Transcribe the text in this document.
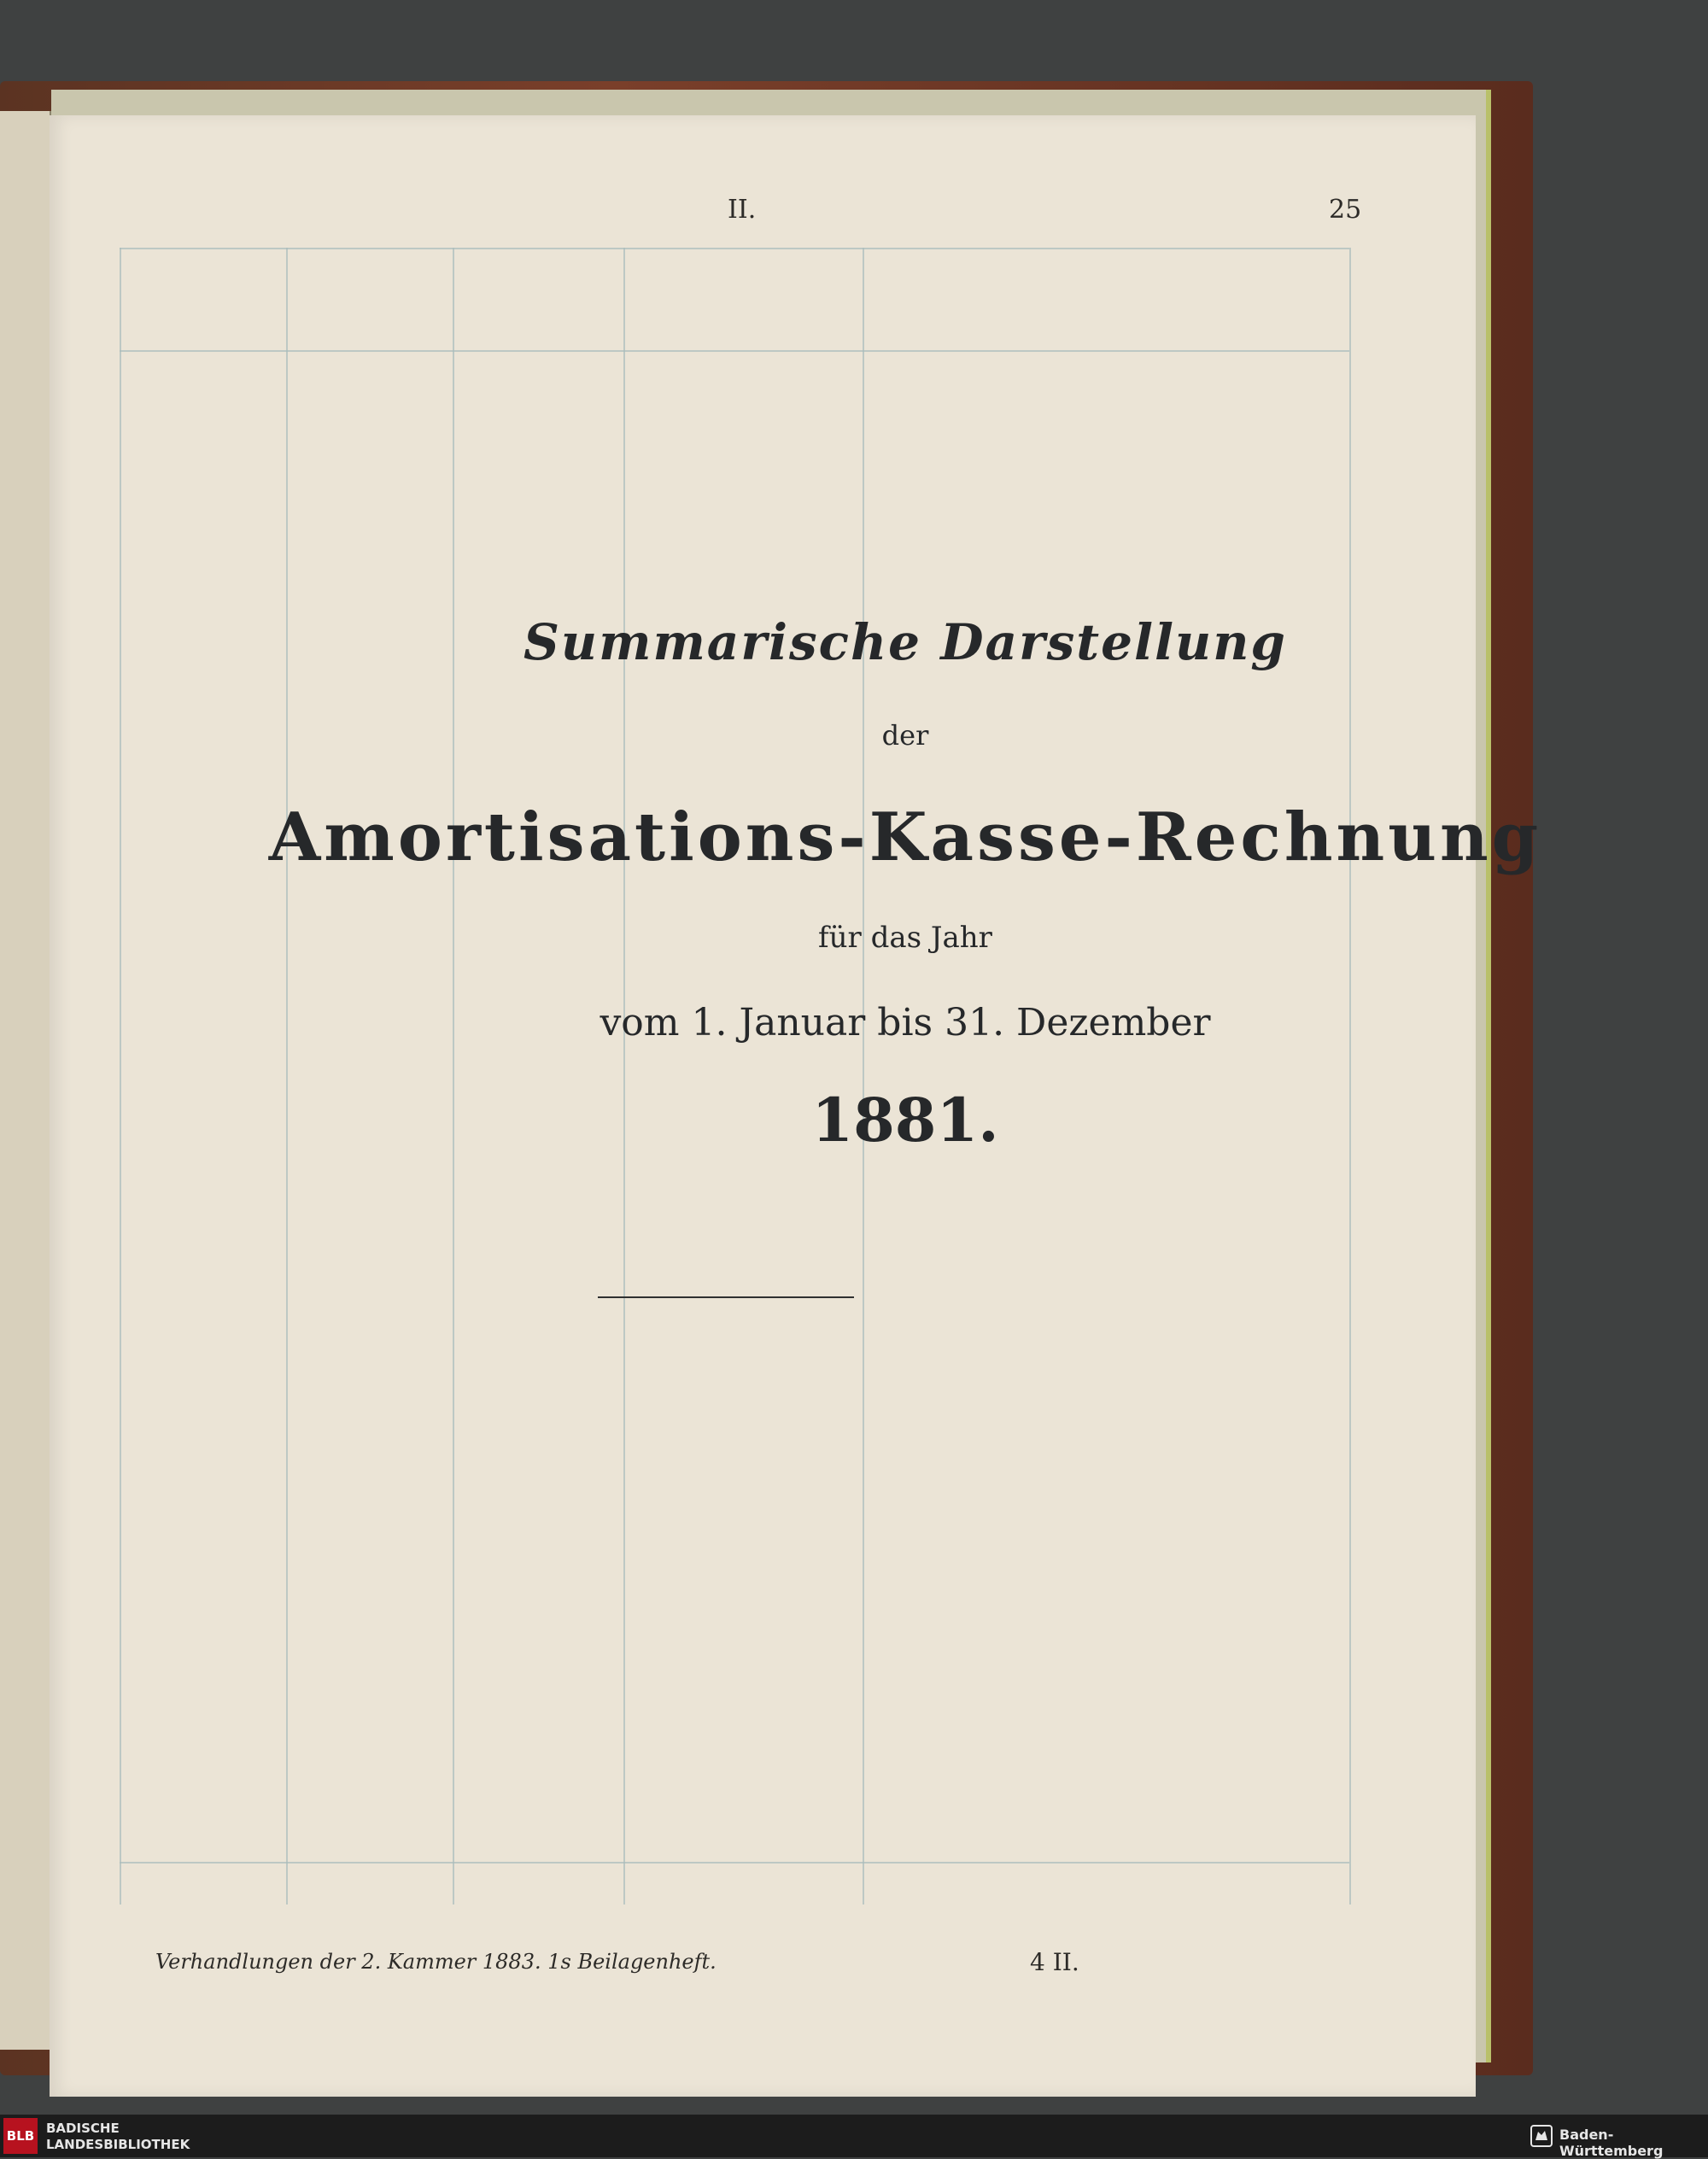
II.	25
Summarische Darstellung
der
Amortisations-Kasse-Rechnung
für das Jahr
vom 1. Januar bis 31. Dezember
1881.
Verhandlungen der 2. Kammer 1883. 1s Beilagenheft.	4 II.
BLB BADISCHE
LANDESBIBLIOTHEK
Baden-Württemberg
